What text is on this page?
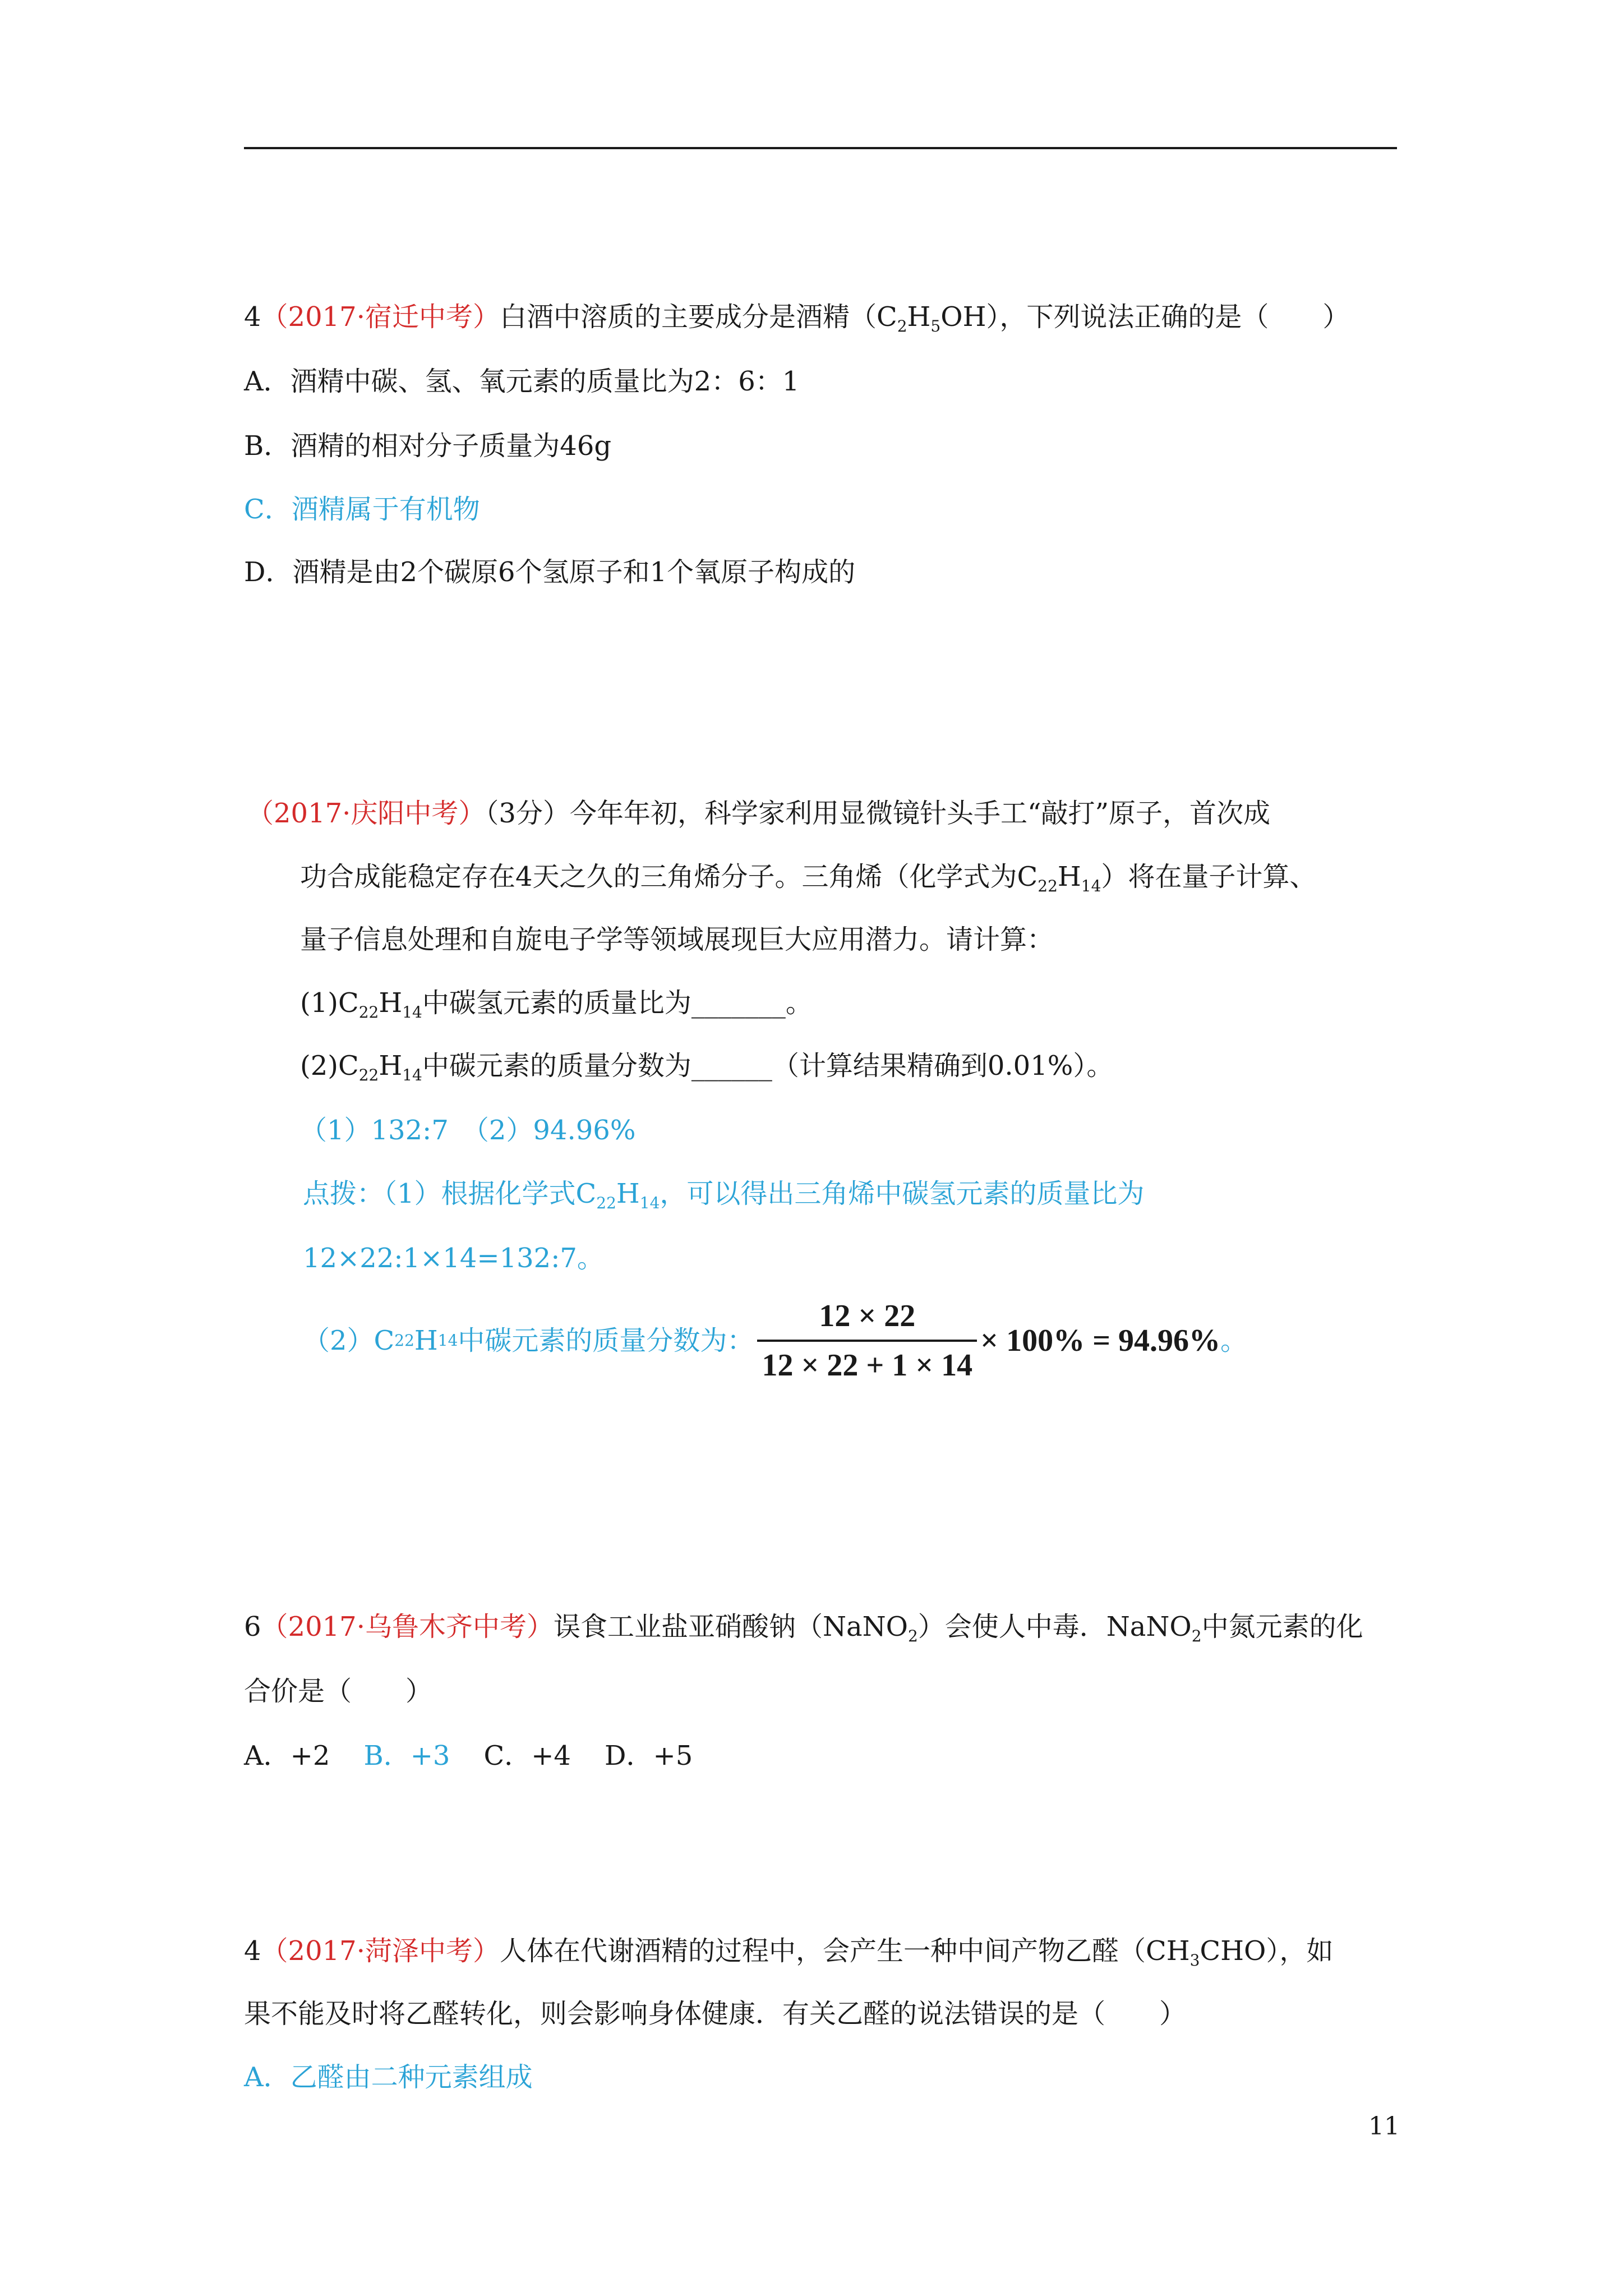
4（2017·宿迁中考）白酒中溶质的主要成分是酒精$(C_2H_5OH)$，下列说法正确的是（　　）
A．酒精中碳、氢、氧元素的质量比为2：6：1
B．酒精的相对分子质量为46g
C．酒精属于有机物
D．酒精是由2个碳原6个氢原子和1个氧原子构成的
（2017·庆阳中考）（3分）今年年初，科学家利用显微镜针头手工“敲打”原子，首次成
功合成能稳定存在4天之久的三角烯分子。三角烯（化学式为$C_{22}H_{14}$）将在量子计算、
量子信息处理和自旋电子学等领域展现巨大应用潜力。请计算：
$(1)C_{22}H_{14}$中碳氢元素的质量比为_______。
$(2)C_{22}H_{14}$中碳元素的质量分数为______（计算结果精确到0.01%）。
（1）132:7　（2）94.96%
点拨：（1）根据化学式$C_{22}H_{14}$，可以得出三角烯中碳氢元素的质量比为
12×22:1×14=132:7。
（2）C 22 H 14 中碳元素的质量分数为： $\frac{12 \times 22}{12 \times 22 + 1 \times 14} \times 100\% = 94.96\%$ 。
6（2017·乌鲁木齐中考）误食工业盐亚硝酸钠（NaNO$_2$）会使人中毒．NaNO$_2$中氮元素的化
合价是（　　）
A．+2 B．+3 C．+4 D．+5
4（2017·菏泽中考）人体在代谢酒精的过程中，会产生一种中间产物乙醛$(CH_3CHO)$，如
果不能及时将乙醛转化，则会影响身体健康．有关乙醛的说法错误的是（　　）
A．乙醛由二种元素组成
11
